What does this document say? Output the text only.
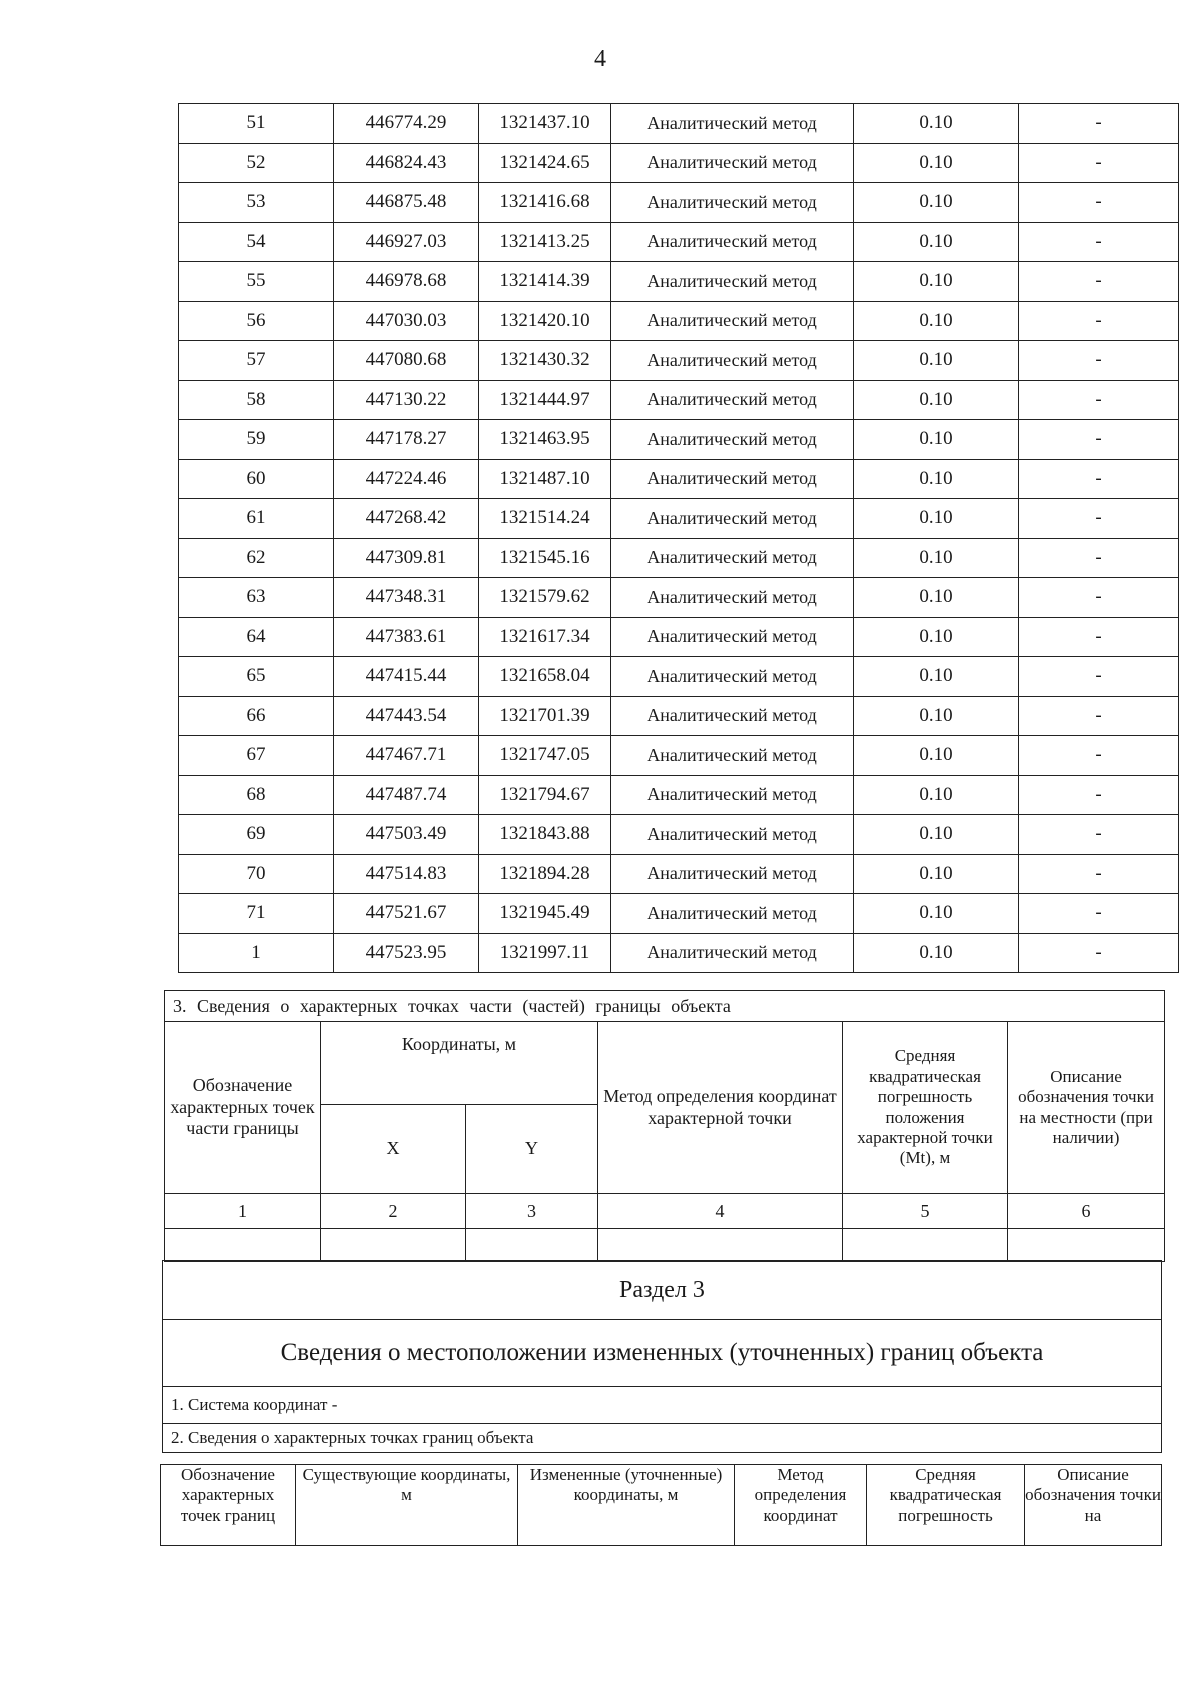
4
51	446774.29	1321437.10	Аналитический метод	0.10	-
52	446824.43	1321424.65	Аналитический метод	0.10	-
53	446875.48	1321416.68	Аналитический метод	0.10	-
54	446927.03	1321413.25	Аналитический метод	0.10	-
55	446978.68	1321414.39	Аналитический метод	0.10	-
56	447030.03	1321420.10	Аналитический метод	0.10	-
57	447080.68	1321430.32	Аналитический метод	0.10	-
58	447130.22	1321444.97	Аналитический метод	0.10	-
59	447178.27	1321463.95	Аналитический метод	0.10	-
60	447224.46	1321487.10	Аналитический метод	0.10	-
61	447268.42	1321514.24	Аналитический метод	0.10	-
62	447309.81	1321545.16	Аналитический метод	0.10	-
63	447348.31	1321579.62	Аналитический метод	0.10	-
64	447383.61	1321617.34	Аналитический метод	0.10	-
65	447415.44	1321658.04	Аналитический метод	0.10	-
66	447443.54	1321701.39	Аналитический метод	0.10	-
67	447467.71	1321747.05	Аналитический метод	0.10	-
68	447487.74	1321794.67	Аналитический метод	0.10	-
69	447503.49	1321843.88	Аналитический метод	0.10	-
70	447514.83	1321894.28	Аналитический метод	0.10	-
71	447521.67	1321945.49	Аналитический метод	0.10	-
1	447523.95	1321997.11	Аналитический метод	0.10	-
3. Сведения о характерных точках части (частей) границы объекта					
Обозначение характерных точек части границы	Координаты, м		Метод определения координат характерной точки	Средняя квадратическая погрешность положения характерной точки (Mt), м	Описание обозначения точки на местности (при наличии)
	X	Y			
1	2	3	4	5	6

Раздел 3
Сведения о местоположении измененных (уточненных) границ объекта
1. Система координат -
2. Сведения о характерных точках границ объекта
Обозначение характерных точек границ	Существующие координаты, м	Измененные (уточненные) координаты, м	Метод определения координат	Средняя квадратическая погрешность	Описание обозначения точки на
